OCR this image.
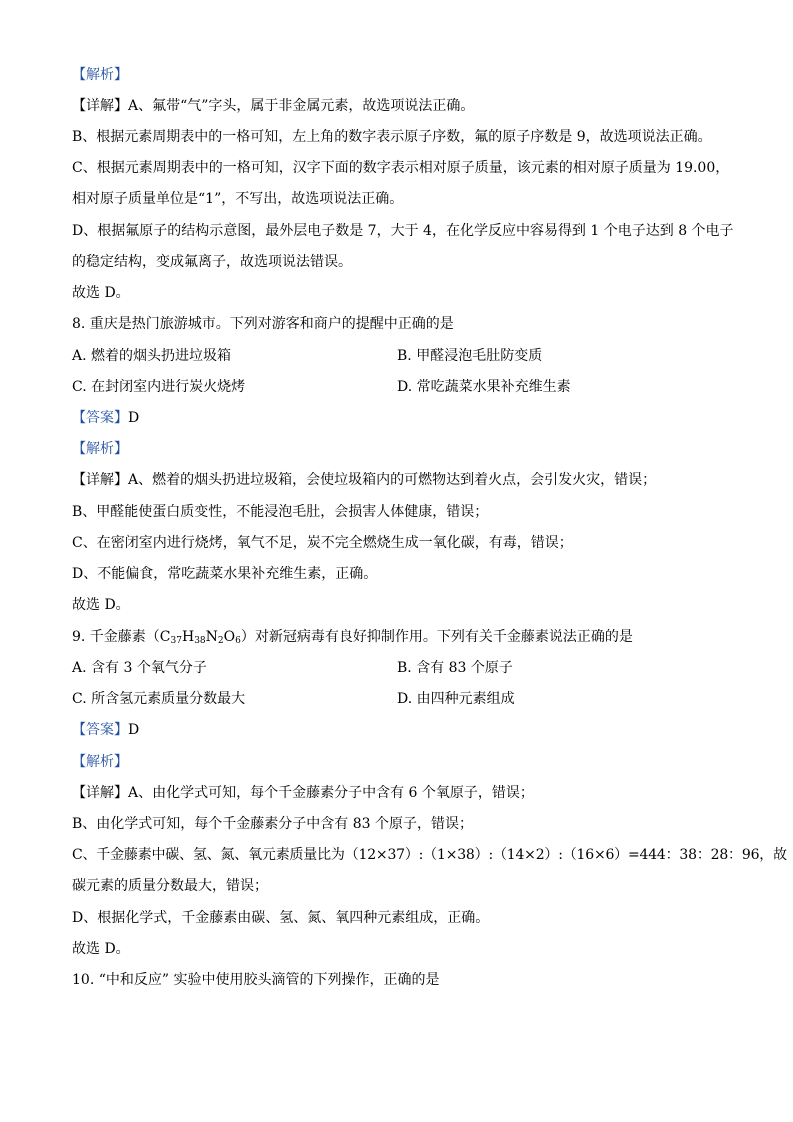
【解析】
【详解】A、氟带“气”字头，属于非金属元素，故选项说法正确。
B、根据元素周期表中的一格可知，左上角的数字表示原子序数，氟的原子序数是 9，故选项说法正确。
C、根据元素周期表中的一格可知，汉字下面的数字表示相对原子质量，该元素的相对原子质量为 19.00，
相对原子质量单位是“1”，不写出，故选项说法正确。
D、根据氟原子的结构示意图，最外层电子数是 7，大于 4，在化学反应中容易得到 1 个电子达到 8 个电子
的稳定结构，变成氟离子，故选项说法错误。
故选 D。
8. 重庆是热门旅游城市。下列对游客和商户的提醒中正确的是
A. 燃着的烟头扔进垃圾箱	B. 甲醛浸泡毛肚防变质
C. 在封闭室内进行炭火烧烤	D. 常吃蔬菜水果补充维生素
【答案】D
【解析】
【详解】A、燃着的烟头扔进垃圾箱，会使垃圾箱内的可燃物达到着火点，会引发火灾，错误；
B、甲醛能使蛋白质变性，不能浸泡毛肚，会损害人体健康，错误；
C、在密闭室内进行烧烤，氧气不足，炭不完全燃烧生成一氧化碳，有毒，错误；
D、不能偏食，常吃蔬菜水果补充维生素，正确。
故选 D。
9. 千金藤素$(C_{37}H_{38}N_2O_6)$对新冠病毒有良好抑制作用。下列有关千金藤素说法正确的是
A. 含有 3 个氧气分子	B. 含有 83 个原子
C. 所含氢元素质量分数最大	D. 由四种元素组成
【答案】D
【解析】
【详解】A、由化学式可知，每个千金藤素分子中含有 6 个氧原子，错误；
B、由化学式可知，每个千金藤素分子中含有 83 个原子，错误；
C、千金藤素中碳、氢、氮、氧元素质量比为（12×37）:（1×38）:（14×2）:（16×6）=444：38：28：96，故
碳元素的质量分数最大，错误；
D、根据化学式，千金藤素由碳、氢、氮、氧四种元素组成，正确。
故选 D。
10. “中和反应” 实验中使用胶头滴管的下列操作，正确的是
